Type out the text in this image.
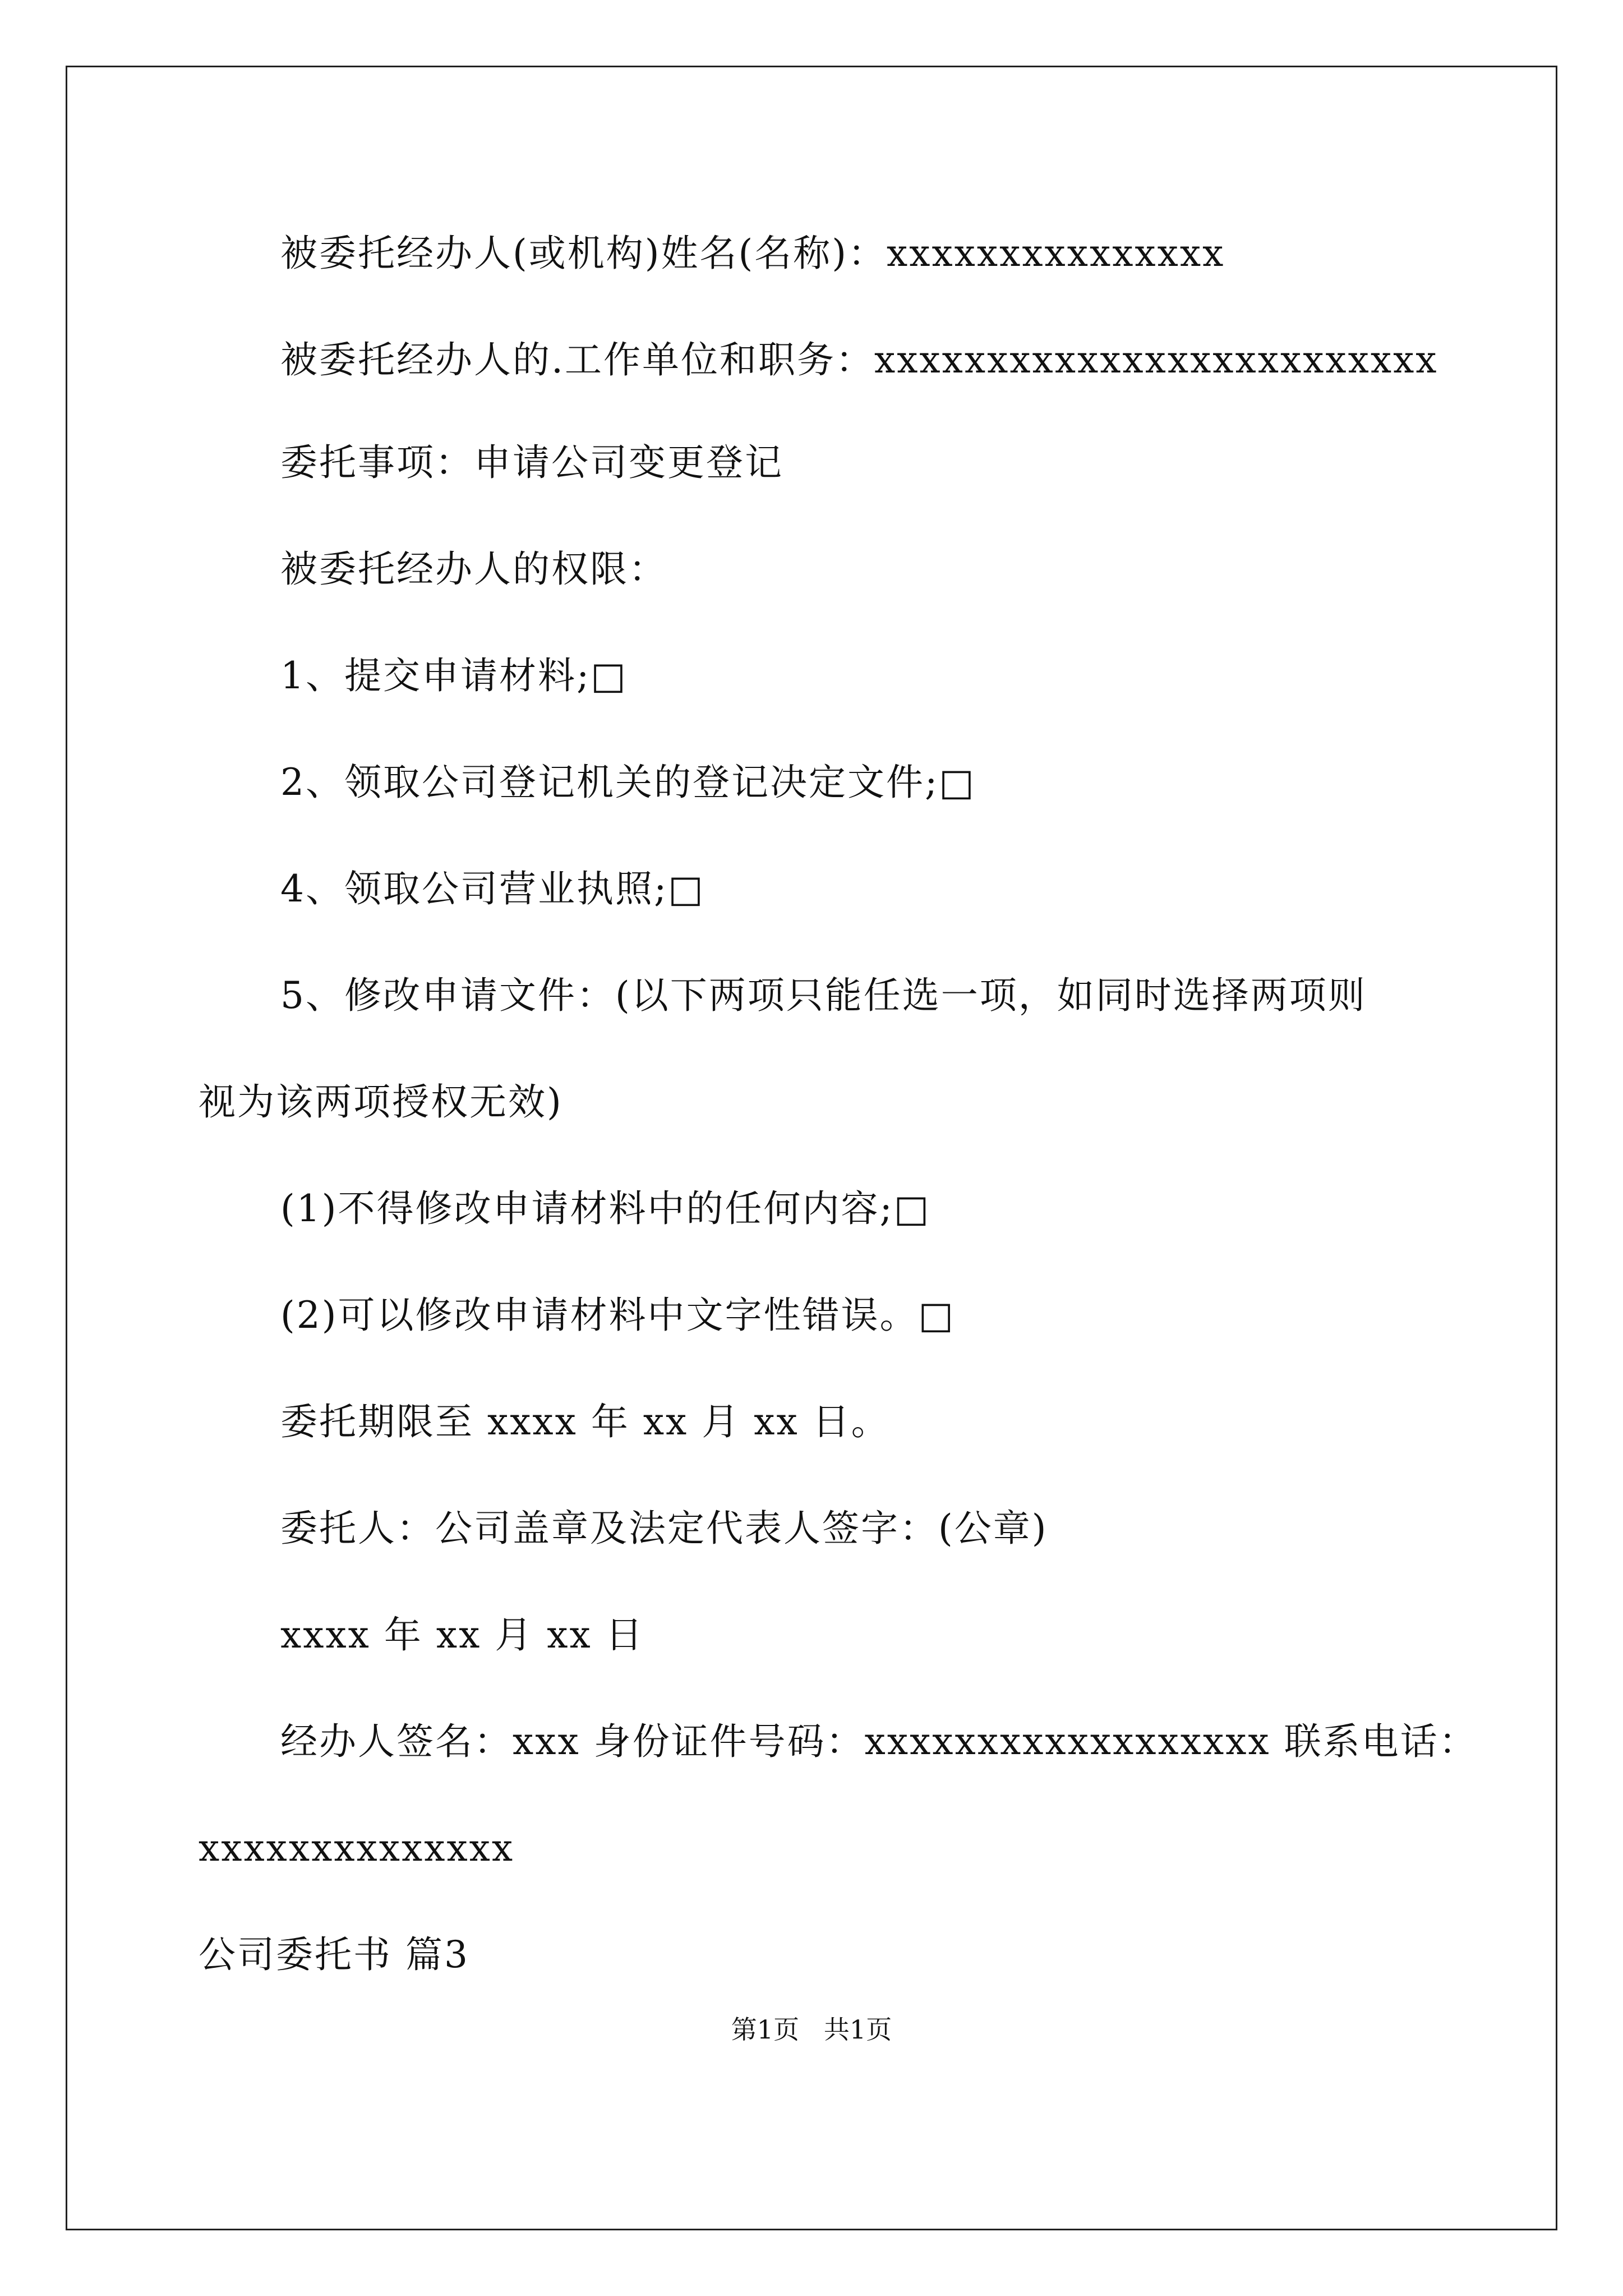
被委托经办人(或机构)姓名(名称)：xxxxxxxxxxxxxxx
被委托经办人的.工作单位和职务：xxxxxxxxxxxxxxxxxxxxxxxxx
委托事项：申请公司变更登记
被委托经办人的权限：
1、提交申请材料;□
2、领取公司登记机关的登记决定文件;□
4、领取公司营业执照;□
5、修改申请文件：(以下两项只能任选一项，如同时选择两项则
视为该两项授权无效)
(1)不得修改申请材料中的任何内容;□
(2)可以修改申请材料中文字性错误。□
委托期限至 xxxx 年 xx 月 xx 日。
委托人：公司盖章及法定代表人签字：(公章)
xxxx 年 xx 月 xx 日
经办人签名：xxx 身份证件号码：xxxxxxxxxxxxxxxxxx 联系电话：
xxxxxxxxxxxxxx
公司委托书 篇3
第1页   共1页
